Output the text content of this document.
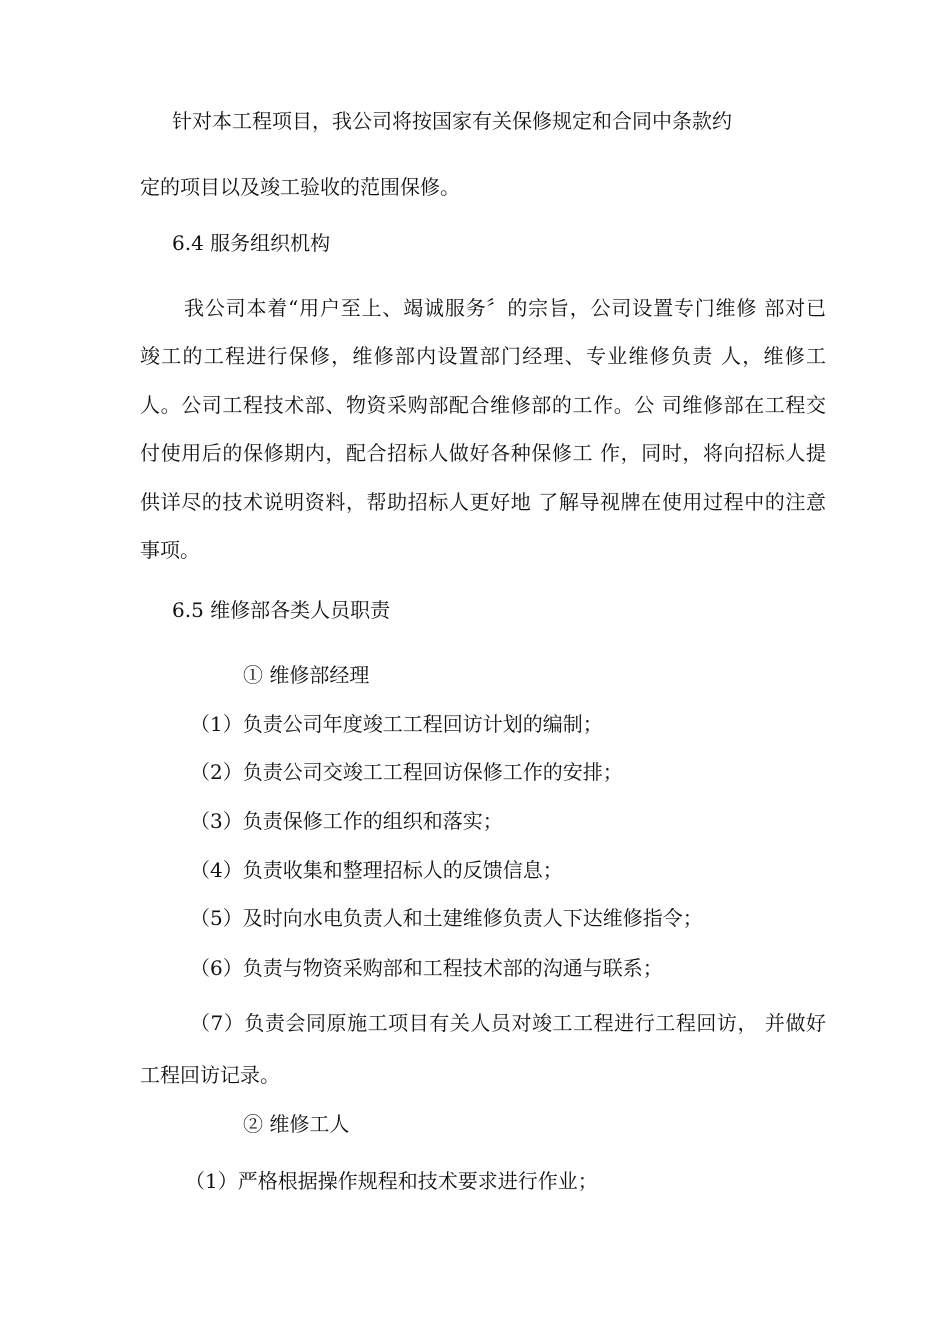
针对本工程项目，我公司将按国家有关保修规定和合同中条款约
定的项目以及竣工验收的范围保修。
6.4 服务组织机构
我公司本着“用户至上、竭诚服务〞的宗旨，公司设置专门维修 部对已
竣工的工程进行保修，维修部内设置部门经理、专业维修负责 人，维修工
人。公司工程技术部、物资采购部配合维修部的工作。公 司维修部在工程交
付使用后的保修期内，配合招标人做好各种保修工 作，同时，将向招标人提
供详尽的技术说明资料，帮助招标人更好地 了解导视牌在使用过程中的注意
事项。
6.5 维修部各类人员职责
① 维修部经理
（1）负责公司年度竣工工程回访计划的编制；
（2）负责公司交竣工工程回访保修工作的安排；
（3）负责保修工作的组织和落实；
（4）负责收集和整理招标人的反馈信息；
（5）及时向水电负责人和土建维修负责人下达维修指令；
（6）负责与物资采购部和工程技术部的沟通与联系；
（7）负责会同原施工项目有关人员对竣工工程进行工程回访， 并做好
工程回访记录。
② 维修工人
（1）严格根据操作规程和技术要求进行作业；
